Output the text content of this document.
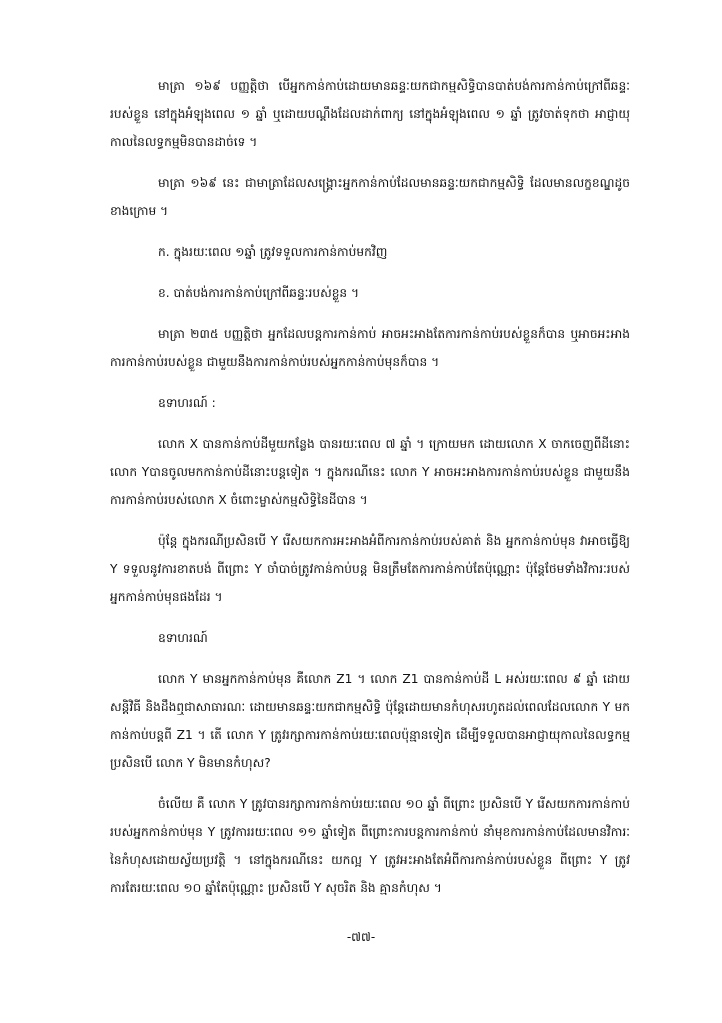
មាត្រា ១៦៩ បញ្ញត្តិថា បើអ្នកកាន់កាប់ដោយមានឆន្ទៈយកជាកម្មសិទ្ធិបានបាត់បង់ការកាន់កាប់ក្រៅពីឆន្ទៈរបស់ខ្លួន នៅក្នុងអំឡុងពេល ១ ឆ្នាំ ឬដោយបណ្តឹងដែលដាក់ពាក្យ នៅក្នុងអំឡុងពេល ១ ឆ្នាំ ត្រូវចាត់ទុកថា អាជ្ញាយុកាលនៃលទ្ធកម្មមិនបានដាច់ទេ ។

មាត្រា ១៦៩ នេះ ជាមាត្រាដែលសង្គ្រោះអ្នកកាន់កាប់ដែលមានឆន្ទៈយកជាកម្មសិទ្ធិ ដែលមានលក្ខខណ្ឌដូចខាងក្រោម ។

ក. ក្នុងរយៈពេល ១ឆ្នាំ ត្រូវទទួលការកាន់កាប់មកវិញ

ខ. បាត់បង់ការកាន់កាប់ក្រៅពីឆន្ទៈរបស់ខ្លួន ។

មាត្រា ២៣៥ បញ្ញត្តិថា អ្នកដែលបន្តការកាន់កាប់ អាចអះអាងតែការកាន់កាប់របស់ខ្លួនក៏បាន ឬអាចអះអាងការកាន់កាប់របស់ខ្លួន ជាមួយនឹងការកាន់កាប់របស់អ្នកកាន់កាប់មុនក៏បាន ។

ឧទាហរណ៍ :

លោក X បានកាន់កាប់ដីមួយកន្លែង បានរយៈពេល ៧ ឆ្នាំ ។ ក្រោយមក ដោយលោក X ចាកចេញពីដីនោះ លោក Yបានចូលមកកាន់កាប់ដីនោះបន្តទៀត ។ ក្នុងករណីនេះ លោក Y អាចអះអាងការកាន់កាប់របស់ខ្លួន ជាមួយនឹងការកាន់កាប់របស់លោក X ចំពោះម្ចាស់កម្មសិទ្ធិនៃដីបាន ។

ប៉ុន្តែ ក្នុងករណីប្រសិនបើ Y រើសយកការអះអាងអំពីការកាន់កាប់របស់គាត់ និង អ្នកកាន់កាប់មុន វាអាចធ្វើឱ្យ Y ទទួលនូវការខាតបង់ ពីព្រោះ Y ចាំបាច់ត្រូវកាន់កាប់បន្ត មិនត្រឹមតែការកាន់កាប់តែប៉ុណ្ណោះ ប៉ុន្តែថែមទាំងវិការៈរបស់អ្នកកាន់កាប់មុនផងដែរ ។

ឧទាហរណ៍

លោក Y មានអ្នកកាន់កាប់មុន គឺលោក Z1 ។ លោក Z1 បានកាន់កាប់ដី L អស់រយៈពេល ៩ ឆ្នាំ ដោយសន្តិវិធី និងដឹងឮជាសាធារណៈ ដោយមានឆន្ទៈយកជាកម្មសិទ្ធិ ប៉ុន្តែដោយមានកំហុសរហូតដល់ពេលដែលលោក Y មកកាន់កាប់បន្តពី Z1 ។ តើ លោក Y ត្រូវរក្សាការកាន់កាប់រយៈពេលប៉ុន្មានទៀត ដើម្បីទទួលបានអាជ្ញាយុកាលនៃលទ្ធកម្មប្រសិនបើ លោក Y មិនមានកំហុស?

ចំលើយ គឺ លោក Y ត្រូវបានរក្សាការកាន់កាប់រយៈពេល ១០ ឆ្នាំ ពីព្រោះ ប្រសិនបើ Y រើសយកការកាន់កាប់របស់អ្នកកាន់កាប់មុន Y ត្រូវការរយៈពេល ១១ ឆ្នាំទៀត ពីព្រោះការបន្តការកាន់កាប់ នាំមុខការកាន់កាប់ដែលមានវិការៈនៃកំហុសដោយស្វ័យប្រវត្តិ ។ នៅក្នុងករណីនេះ យកល្អ Y ត្រូវអះអាងតែអំពីការកាន់កាប់របស់ខ្លួន ពីព្រោះ Y ត្រូវការតែរយៈពេល ១០ ឆ្នាំតែប៉ុណ្ណោះ ប្រសិនបើ Y សុចរិត និង គ្មានកំហុស ។

-៧៧-
